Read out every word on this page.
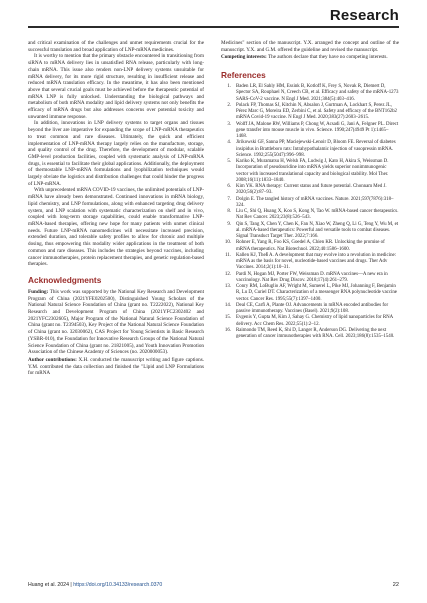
Research

and critical examination of the challenges and unmet requirements crucial for the successful translation and broad application of LNP-mRNA medicines.

It is worthy to mention that the primary obstacle encountered in transitioning from siRNA to mRNA delivery lies in unsatisfied RNA release, particularly with long-chain mRNA. This issue also renders non-LNP delivery systems unsuitable for mRNA delivery, for its more rigid structure, resulting in insufficient release and reduced mRNA translation efficacy. In the meantime, it has also been mentioned above that several crucial goals must be achieved before the therapeutic potential of mRNA LNP is fully unlocked. Understanding the biological pathways and metabolism of both mRNA modality and lipid delivery systems not only benefits the efficacy of mRNA drugs but also addresses concerns over potential toxicity and unwanted immune response.

In addition, innovations in LNP delivery systems to target organs and tissues beyond the liver are imperative for expanding the scope of LNP-mRNA therapeutics to treat common and rare diseases. Ultimately, the quick and efficient implementation of LNP-mRNA therapy largely relies on the manufacture, storage, and quality control of the drug. Therefore, the development of modular, scalable GMP-level production facilities, coupled with systematic analysis of LNP-mRNA drugs, is essential to facilitate their global applications. Additionally, the deployment of thermostable LNP-mRNA formulations and lyophilization techniques would largely obviate the logistics and distribution challenges that could hinder the progress of LNP-mRNA.

With unprecedented mRNA COVID-19 vaccines, the unlimited potentials of LNP-mRNA have already been demonstrated. Continued innovations in mRNA biology, lipid chemistry, and LNP formulations, along with enhanced targeting drug delivery system, and LNP scalation with systematic characterization on shelf and in vivo, coupled with long-term storage capabilities, could enable transformative LNP-mRNA-based therapies, offering new hope for many patients with unmet clinical needs. Future LNP-mRNA nanomedicines will necessitate increased precision, extended duration, and tolerable safety profiles to allow for chronic and multiple dosing, thus empowering this modality wider applications in the treatment of both common and rare diseases. This includes the strategies beyond vaccines, including cancer immunotherapies, protein replacement therapies, and genetic regulation-based therapies.

Acknowledgments

Funding: This work was supported by the National Key Research and Development Program of China (2021YFE0202500), Distinguished Young Scholars of the National Natural Science Foundation of China (grant no. T2222022), National Key Research and Development Program of China (2021YFC2302402 and 2021YFC2302605), Major Program of the National Natural Science Foundation of China (grant no. T2394503), Key Project of the National Natural Science Foundation of China (grant no. 32030062), CAS Project for Young Scientists in Basic Research (YSBR-010), the Foundation for Innovative Research Groups of the National Natural Science Foundation of China (grant no. 21821005), and Youth Innovation Promotion Association of the Chinese Academy of Sciences (no. 2020000053).

Author contributions: X.H. conducted the manuscript writing and figure captions. Y.M. contributed the data collection and finished the "Lipid and LNP Formulations for mRNA

Medicines" section of the manuscript. Y.X. arranged the concept and outline of the manuscript. Y.X. and G.M. offered the guideline and revised the manuscript.

Competing interests: The authors declare that they have no competing interests.

References
1.	Baden LR, El Sahly HM, Essink B, Kotloff K, Frey S, Novak R, Diemert D, Spector SA, Rouphael N, Creech CB, et al. Efficacy and safety of the mRNA-1273 SARS-CoV-2 vaccine. N Engl J Med. 2021;384(5):403–416.
2.	Polack FP, Thomas SJ, Kitchin N, Absalon J, Gurtman A, Lockhart S, Perez JL, Pérez Marc G, Moreira ED, Zerbini C, et al. Safety and efficacy of the BNT162b2 mRNA Covid-19 vaccine. N Engl J Med. 2020;383(27):2603–2615.
3.	Wolff JA, Malone RW, Williams P, Chong W, Acsadi G, Jani A, Felgner PL. Direct gene transfer into mouse muscle in vivo. Science. 1990;247(4949 Pt 1):1465–1468.
4.	Jirikowski GF, Sanna PP, Maciejewski-Lenoir D, Bloom FE. Reversal of diabetes insipidus in Brattleboro rats: Intrahypothalamic injection of vasopressin mRNA. Science. 1992;255(5047):996–998.
5.	Kariko K, Muramatsu H, Welsh FA, Ludwig J, Kato H, Akira S, Weissman D. Incorporation of pseudouridine into mRNA yields superior nonimmunogenic vector with increased translational capacity and biological stability. Mol Ther. 2008;16(11):1833–1840.
6.	Kim YK. RNA therapy: Current status and future potential. Chonnam Med J. 2020;56(2):87–93.
7.	Dolgin E. The tangled history of mRNA vaccines. Nature. 2021;597(7876):318–324.
8.	Liu C, Shi Q, Huang X, Koo S, Kong N, Tao W. mRNA-based cancer therapeutics. Nat Rev Cancer. 2023;23(8):526–543.
9.	Qin S, Tang X, Chen Y, Chen K, Fan N, Xiao W, Zheng Q, Li G, Teng Y, Wu M, et al. mRNA-based therapeutics: Powerful and versatile tools to combat diseases. Signal Transduct Target Ther. 2022;7:166.
10.	Rohner E, Yang R, Foo KS, Goedel A, Chien KR. Unlocking the promise of mRNA therapeutics. Nat Biotechnol. 2022;40:1586–1600.
11.	Kallen KJ, Theß A. A development that may evolve into a revolution in medicine: mRNA as the basis for novel, nucleotide-based vaccines and drugs. Ther Adv Vaccines. 2014;2(1):10–31.
12.	Pardi N, Hogan MJ, Porter FW, Weissman D. mRNA vaccines—A new era in vaccinology. Nat Rev Drug Discov. 2018;17(4):261–279.
13.	Conry RM, LoBuglio AF, Wright M, Sumerel L, Pike MJ, Johanning F, Benjamin R, Lu D, Curiel DT. Characterization of a messenger RNA polynucleotide vaccine vector. Cancer Res. 1995;55(7):1397–1400.
14.	Deal CE, Carfi A, Plante OJ. Advancements in mRNA encoded antibodies for passive immunotherapy. Vaccines (Basel). 2021;9(2):108.
15.	Evgenis Y, Gupta M, Kim J, Sahay G. Chemistry of lipid nanoparticles for RNA delivery. Acc Chem Res. 2022;55(1):2–12.
16.	Raimondo TM, Reed K, Shi D, Langer R, Anderson DG. Delivering the next generation of cancer immunotherapies with RNA. Cell. 2023;186(8):1535–1540.
Huang et al. 2024 | https://doi.org/10.34133/research.0370	22
